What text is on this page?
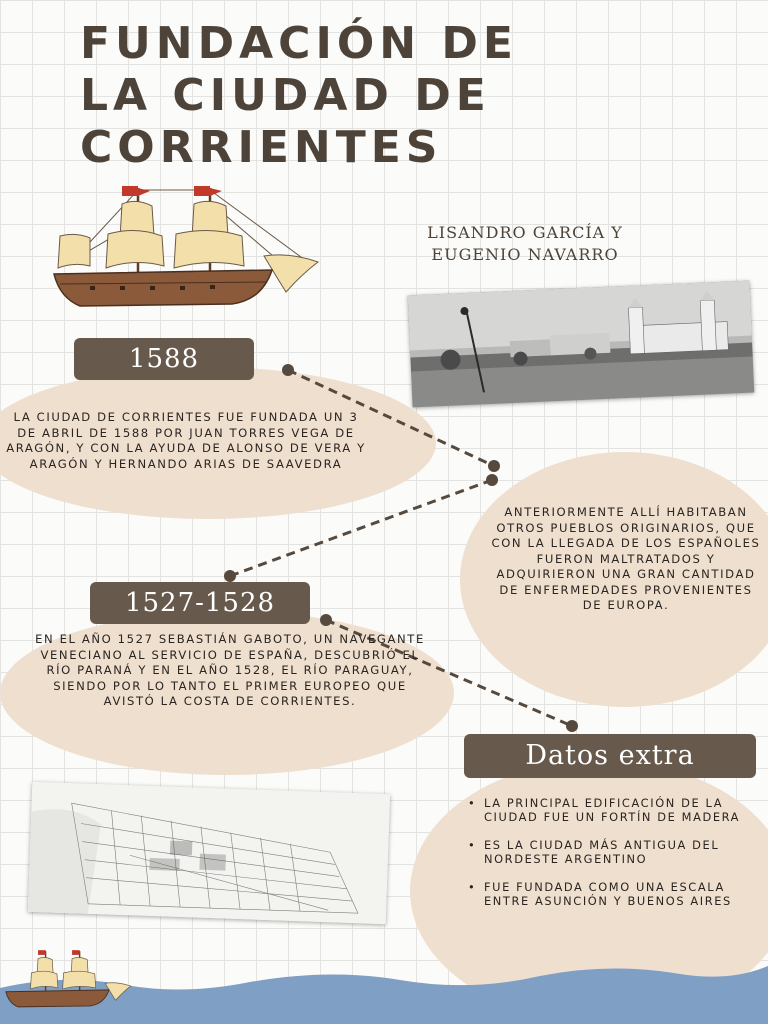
FUNDACIÓN DE
LA CIUDAD DE
CORRIENTES
LISANDRO GARCÍA Y
EUGENIO NAVARRO
1588
1527-1528
Datos extra
LA CIUDAD DE CORRIENTES FUE FUNDADA UN 3 DE ABRIL DE 1588 POR JUAN TORRES VEGA DE ARAGÓN, Y CON LA AYUDA DE ALONSO DE VERA Y ARAGÓN Y HERNANDO ARIAS DE SAAVEDRA
ANTERIORMENTE ALLÍ HABITABAN OTROS PUEBLOS ORIGINARIOS, QUE CON LA LLEGADA DE LOS ESPAÑOLES FUERON MALTRATADOS Y ADQUIRIERON UNA GRAN CANTIDAD DE ENFERMEDADES PROVENIENTES DE EUROPA.
EN EL AÑO 1527 SEBASTIÁN GABOTO, UN NAVEGANTE VENECIANO AL SERVICIO DE ESPAÑA, DESCUBRIÓ EL RÍO PARANÁ Y EN EL AÑO 1528, EL RÍO PARAGUAY, SIENDO POR LO TANTO EL PRIMER EUROPEO QUE AVISTÓ LA COSTA DE CORRIENTES.
• LA PRINCIPAL EDIFICACIÓN DE LA CIUDAD FUE UN FORTÍN DE MADERA
• ES LA CIUDAD MÁS ANTIGUA DEL NORDESTE ARGENTINO
• FUE FUNDADA COMO UNA ESCALA ENTRE ASUNCIÓN Y BUENOS AIRES
